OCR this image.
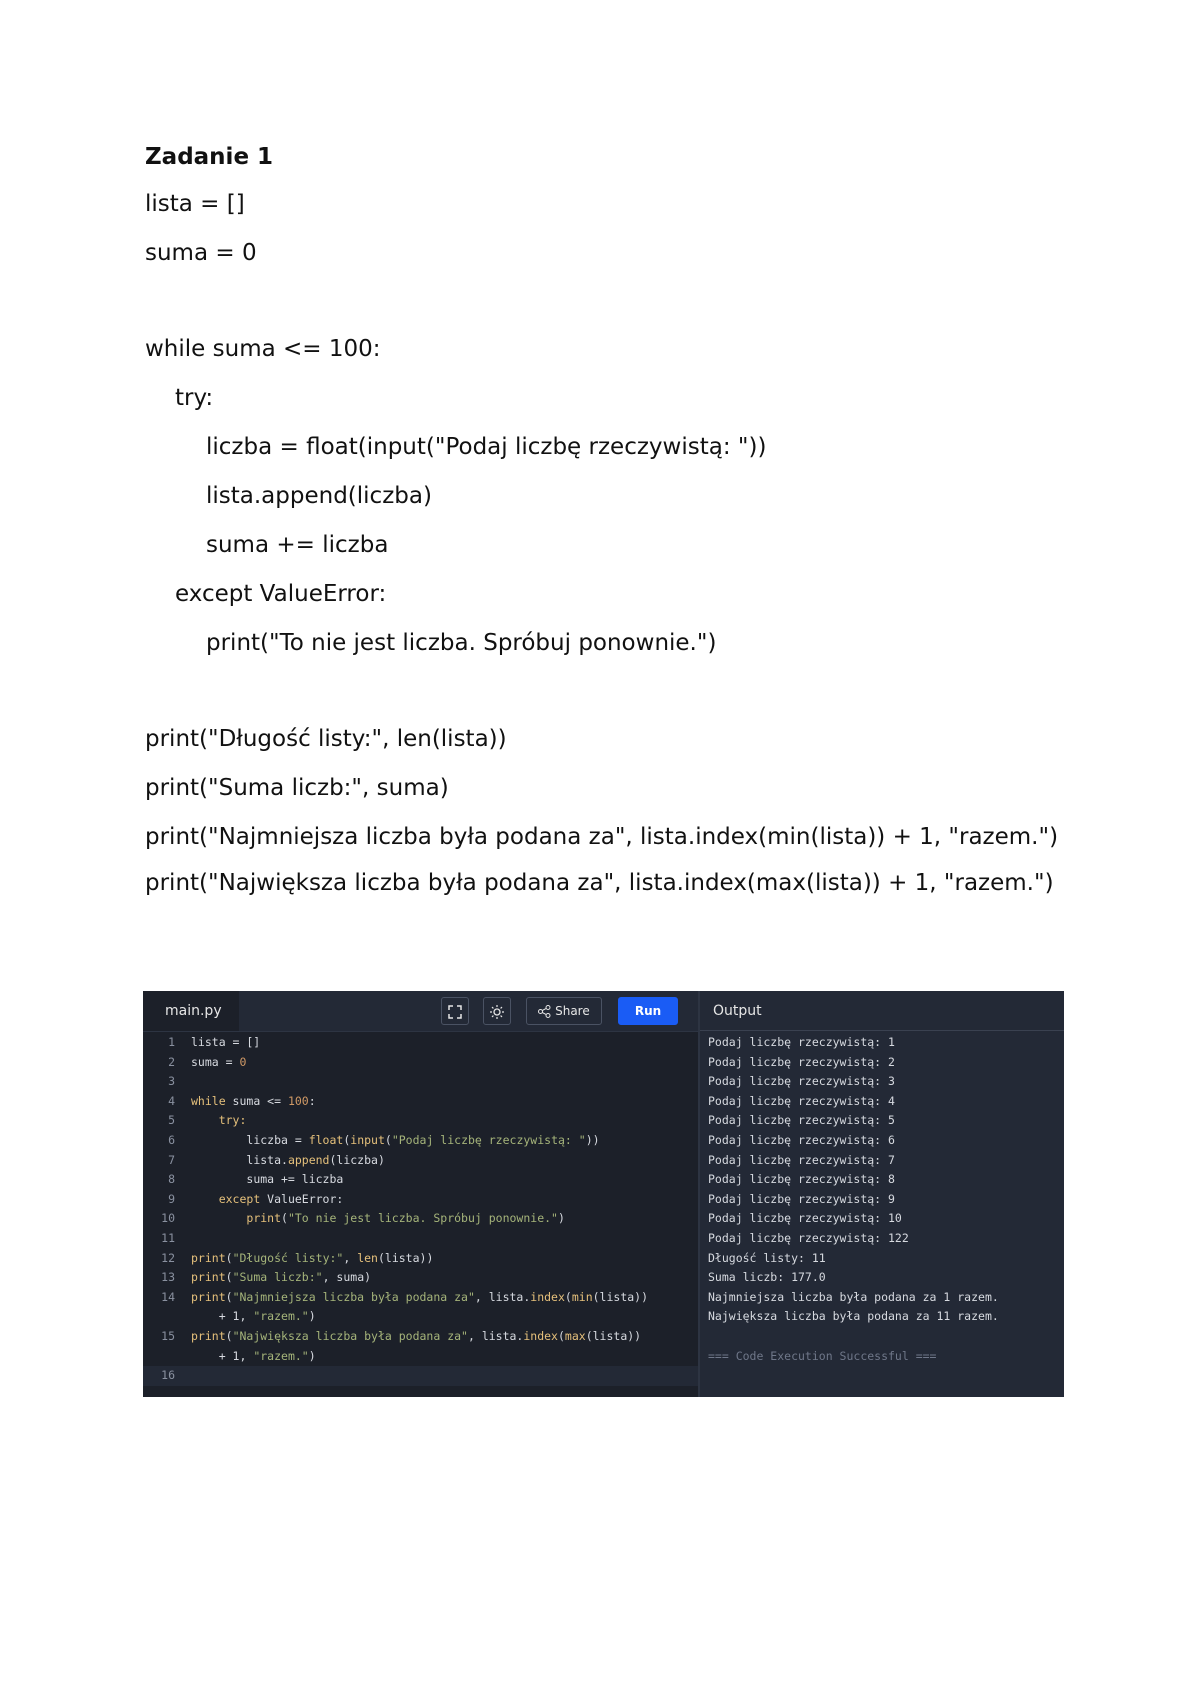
Zadanie 1
lista = []
suma = 0
while suma <= 100:
try:
liczba = float(input("Podaj liczbę rzeczywistą: "))
lista.append(liczba)
suma += liczba
except ValueError:
print("To nie jest liczba. Spróbuj ponownie.")
print("Długość listy:", len(lista))
print("Suma liczb:", suma)
print("Najmniejsza liczba była podana za", lista.index(min(lista)) + 1, "razem.")
print("Największa liczba była podana za", lista.index(max(lista)) + 1, "razem.")
main.py	Share	Run
1 lista = []
2 suma = 0
3
4 while suma <= 100:
5	try:
6	liczba = float(input("Podaj liczbę rzeczywistą: "))
7	lista.append(liczba)
8	suma += liczba
9	except ValueError:
10	print("To nie jest liczba. Spróbuj ponownie.")
11
12 print("Długość listy:", len(lista))
13 print("Suma liczb:", suma)
14 print("Najmniejsza liczba była podana za", lista.index(min(lista))
+ 1, "razem.")
15 print("Największa liczba była podana za", lista.index(max(lista))
+ 1, "razem.")
16
Output
Podaj liczbę rzeczywistą: 1
Podaj liczbę rzeczywistą: 2
Podaj liczbę rzeczywistą: 3
Podaj liczbę rzeczywistą: 4
Podaj liczbę rzeczywistą: 5
Podaj liczbę rzeczywistą: 6
Podaj liczbę rzeczywistą: 7
Podaj liczbę rzeczywistą: 8
Podaj liczbę rzeczywistą: 9
Podaj liczbę rzeczywistą: 10
Podaj liczbę rzeczywistą: 122
Długość listy: 11
Suma liczb: 177.0
Najmniejsza liczba była podana za 1 razem.
Największa liczba była podana za 11 razem.
=== Code Execution Successful ===
